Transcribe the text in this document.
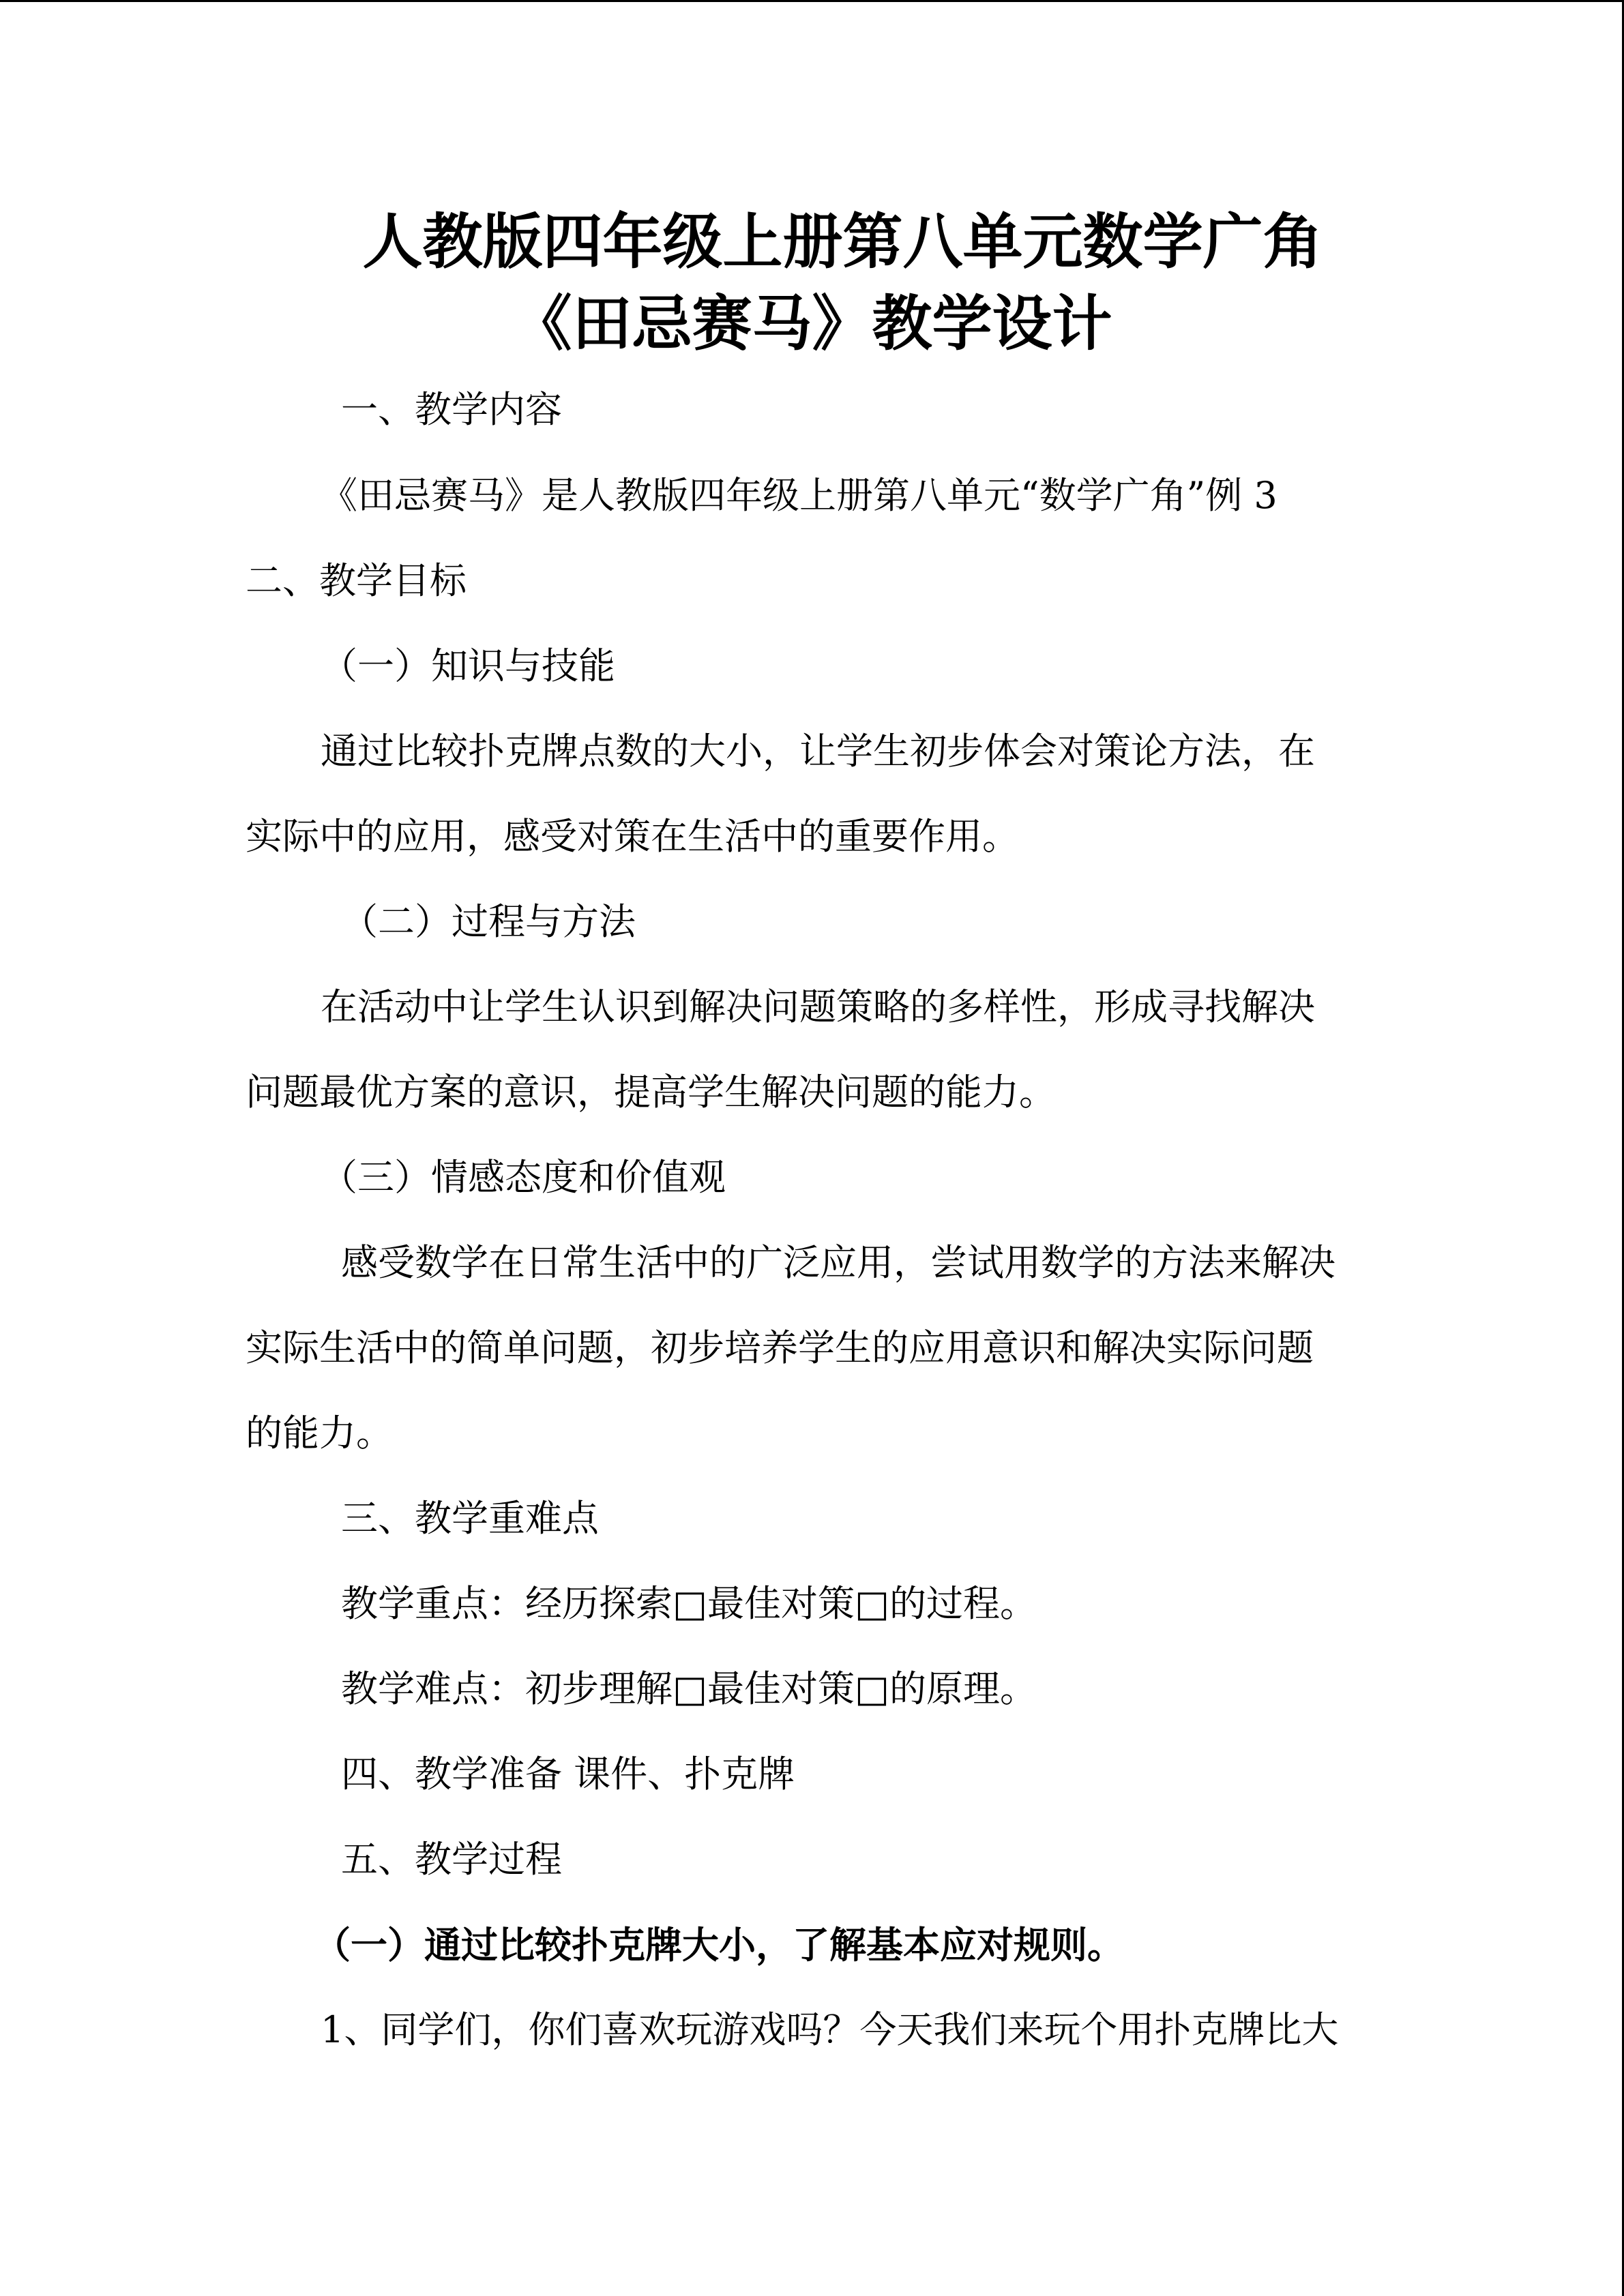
人教版四年级上册第八单元数学广角
《田忌赛马》教学设计
一、教学内容
《田忌赛马》是人教版四年级上册第八单元“数学广角”例 3
二、教学目标
（一）知识与技能
通过比较扑克牌点数的大小，让学生初步体会对策论方法，在
实际中的应用，感受对策在生活中的重要作用。
（二）过程与方法
在活动中让学生认识到解决问题策略的多样性，形成寻找解决
问题最优方案的意识，提高学生解决问题的能力。
（三）情感态度和价值观
感受数学在日常生活中的广泛应用，尝试用数学的方法来解决
实际生活中的简单问题，初步培养学生的应用意识和解决实际问题
的能力。
三、教学重难点
教学重点：经历探索□最佳对策□的过程。
教学难点：初步理解□最佳对策□的原理。
四、教学准备 课件、扑克牌
五、教学过程
（一）通过比较扑克牌大小，了解基本应对规则。
1、同学们，你们喜欢玩游戏吗？今天我们来玩个用扑克牌比大
